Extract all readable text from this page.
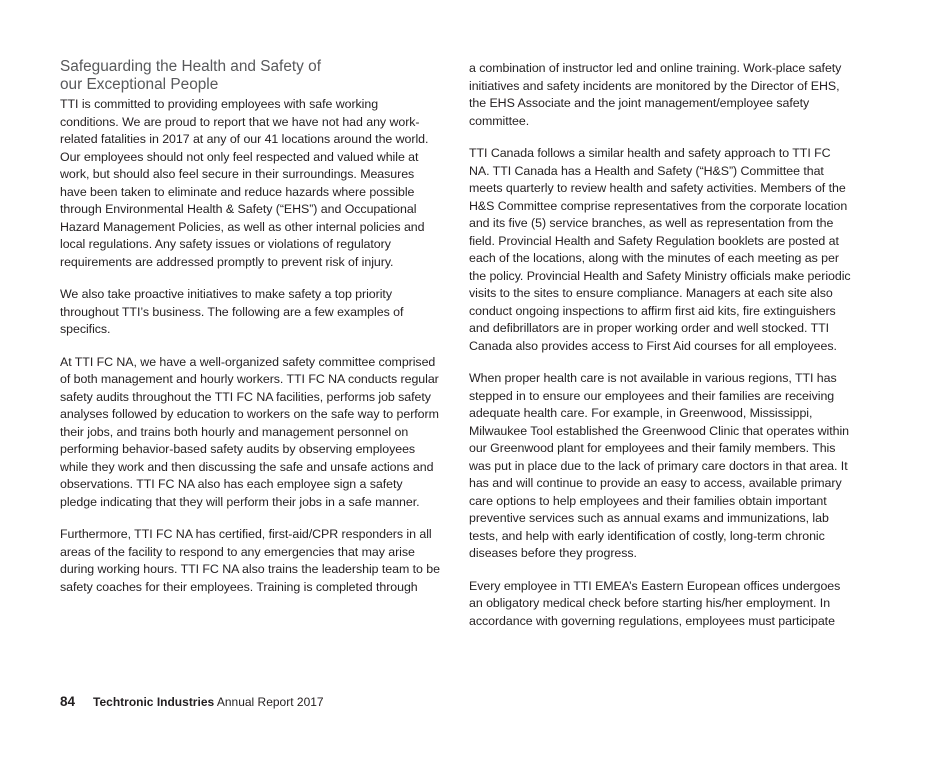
Safeguarding the Health and Safety of
our Exceptional People

TTI is committed to providing employees with safe working conditions. We are proud to report that we have not had any work-related fatalities in 2017 at any of our 41 locations around the world. Our employees should not only feel respected and valued while at work, but should also feel secure in their surroundings. Measures have been taken to eliminate and reduce hazards where possible through Environmental Health & Safety (“EHS”) and Occupational Hazard Management Policies, as well as other internal policies and local regulations. Any safety issues or violations of regulatory requirements are addressed promptly to prevent risk of injury.

We also take proactive initiatives to make safety a top priority throughout TTI’s business. The following are a few examples of specifics.

At TTI FC NA, we have a well-organized safety committee comprised of both management and hourly workers. TTI FC NA conducts regular safety audits throughout the TTI FC NA facilities, performs job safety analyses followed by education to workers on the safe way to perform their jobs, and trains both hourly and management personnel on performing behavior-based safety audits by observing employees while they work and then discussing the safe and unsafe actions and observations. TTI FC NA also has each employee sign a safety pledge indicating that they will perform their jobs in a safe manner.

Furthermore, TTI FC NA has certified, first-aid/CPR responders in all areas of the facility to respond to any emergencies that may arise during working hours. TTI FC NA also trains the leadership team to be safety coaches for their employees. Training is completed through

a combination of instructor led and online training. Work-place safety initiatives and safety incidents are monitored by the Director of EHS, the EHS Associate and the joint management/employee safety committee.

TTI Canada follows a similar health and safety approach to TTI FC NA. TTI Canada has a Health and Safety (“H&S”) Committee that meets quarterly to review health and safety activities. Members of the H&S Committee comprise representatives from the corporate location and its five (5) service branches, as well as representation from the field. Provincial Health and Safety Regulation booklets are posted at each of the locations, along with the minutes of each meeting as per the policy. Provincial Health and Safety Ministry officials make periodic visits to the sites to ensure compliance. Managers at each site also conduct ongoing inspections to affirm first aid kits, fire extinguishers and defibrillators are in proper working order and well stocked. TTI Canada also provides access to First Aid courses for all employees.

When proper health care is not available in various regions, TTI has stepped in to ensure our employees and their families are receiving adequate health care. For example, in Greenwood, Mississippi, Milwaukee Tool established the Greenwood Clinic that operates within our Greenwood plant for employees and their family members. This was put in place due to the lack of primary care doctors in that area. It has and will continue to provide an easy to access, available primary care options to help employees and their families obtain important preventive services such as annual exams and immunizations, lab tests, and help with early identification of costly, long-term chronic diseases before they progress.

Every employee in TTI EMEA’s Eastern European offices undergoes an obligatory medical check before starting his/her employment. In accordance with governing regulations, employees must participate

84 Techtronic Industries Annual Report 2017
